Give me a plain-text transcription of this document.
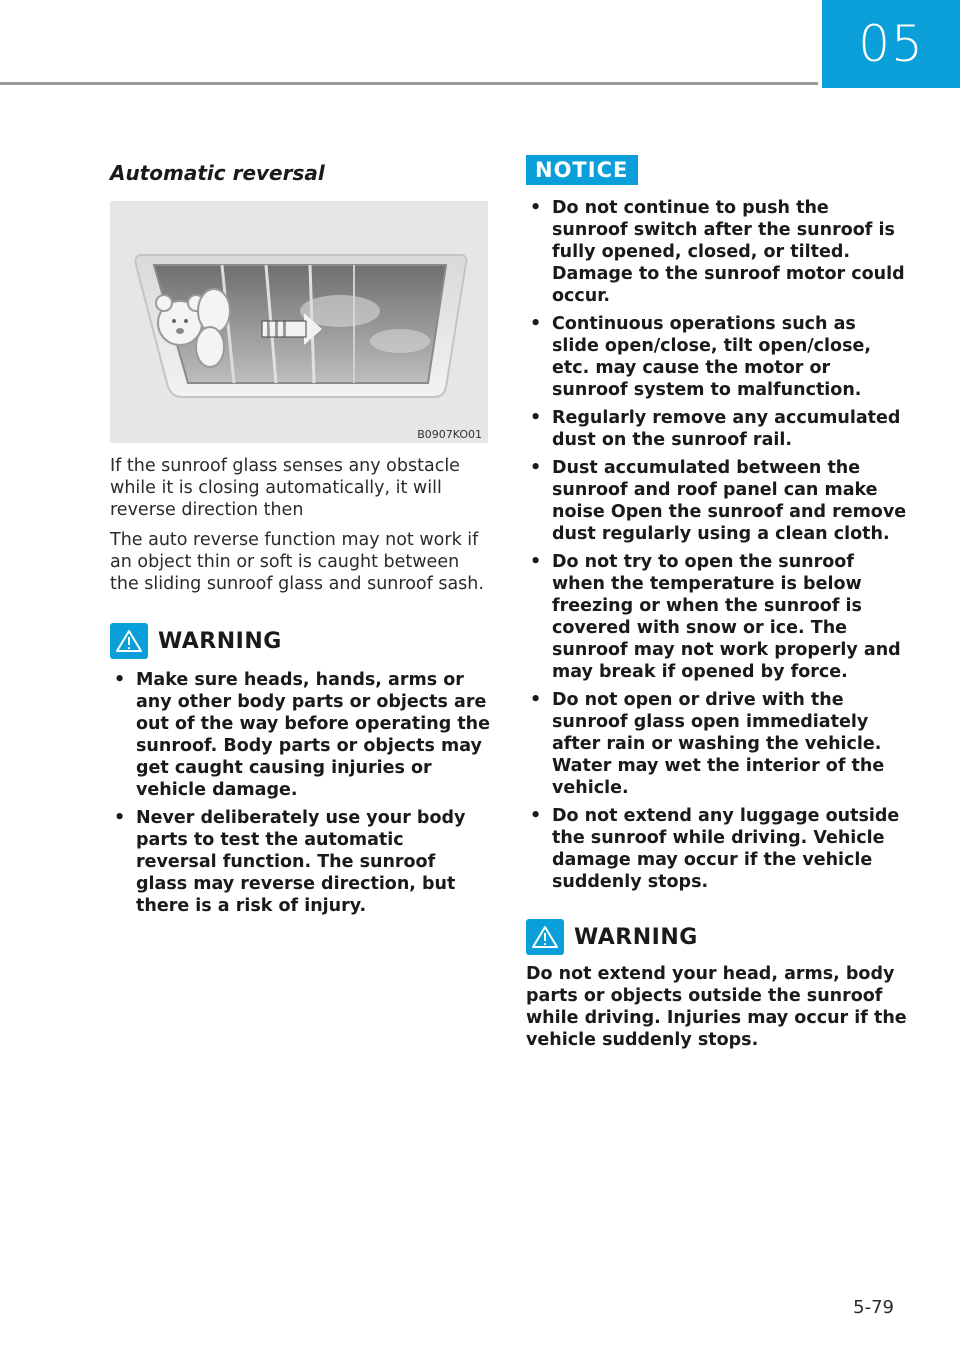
05
Automatic reversal
B0907KO01

If the sunroof glass senses any obstacle while it is closing automatically, it will reverse direction then

The auto reverse function may not work if an object thin or soft is caught between the sliding sunroof glass and sunroof sash.

WARNING
• Make sure heads, hands, arms or any other body parts or objects are out of the way before operating the sunroof. Body parts or objects may get caught causing injuries or vehicle damage.
• Never deliberately use your body parts to test the automatic reversal function. The sunroof glass may reverse direction, but there is a risk of injury.
NOTICE
• Do not continue to push the sunroof switch after the sunroof is fully opened, closed, or tilted. Damage to the sunroof motor could occur.
• Continuous operations such as slide open/close, tilt open/close, etc. may cause the motor or sunroof system to malfunction.
• Regularly remove any accumulated dust on the sunroof rail.
• Dust accumulated between the sunroof and roof panel can make noise Open the sunroof and remove dust regularly using a clean cloth.
• Do not try to open the sunroof when the temperature is below freezing or when the sunroof is covered with snow or ice. The sunroof may not work properly and may break if opened by force.
• Do not open or drive with the sunroof glass open immediately after rain or washing the vehicle. Water may wet the interior of the vehicle.
• Do not extend any luggage outside the sunroof while driving. Vehicle damage may occur if the vehicle suddenly stops.
WARNING
Do not extend your head, arms, body parts or objects outside the sunroof while driving. Injuries may occur if the vehicle suddenly stops.
5-79
